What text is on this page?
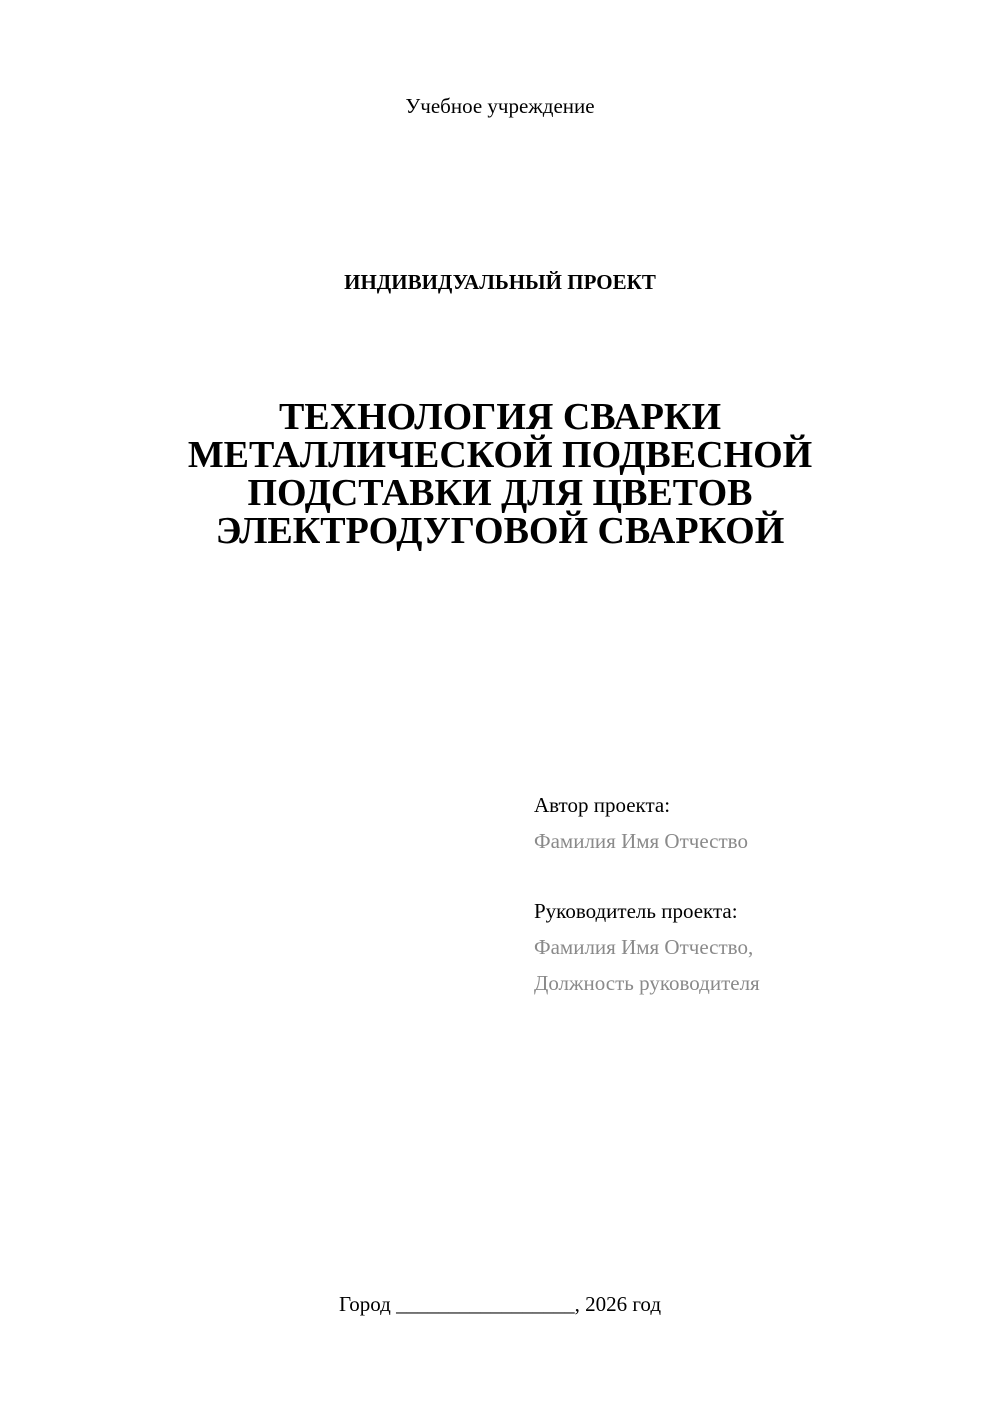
Учебное учреждение
ИНДИВИДУАЛЬНЫЙ ПРОЕКТ
ТЕХНОЛОГИЯ СВАРКИ
МЕТАЛЛИЧЕСКОЙ ПОДВЕСНОЙ
ПОДСТАВКИ ДЛЯ ЦВЕТОВ
ЭЛЕКТРОДУГОВОЙ СВАРКОЙ
Автор проекта:
Фамилия Имя Отчество
Руководитель проекта:
Фамилия Имя Отчество,
Должность руководителя
Город _________________, 2026 год
